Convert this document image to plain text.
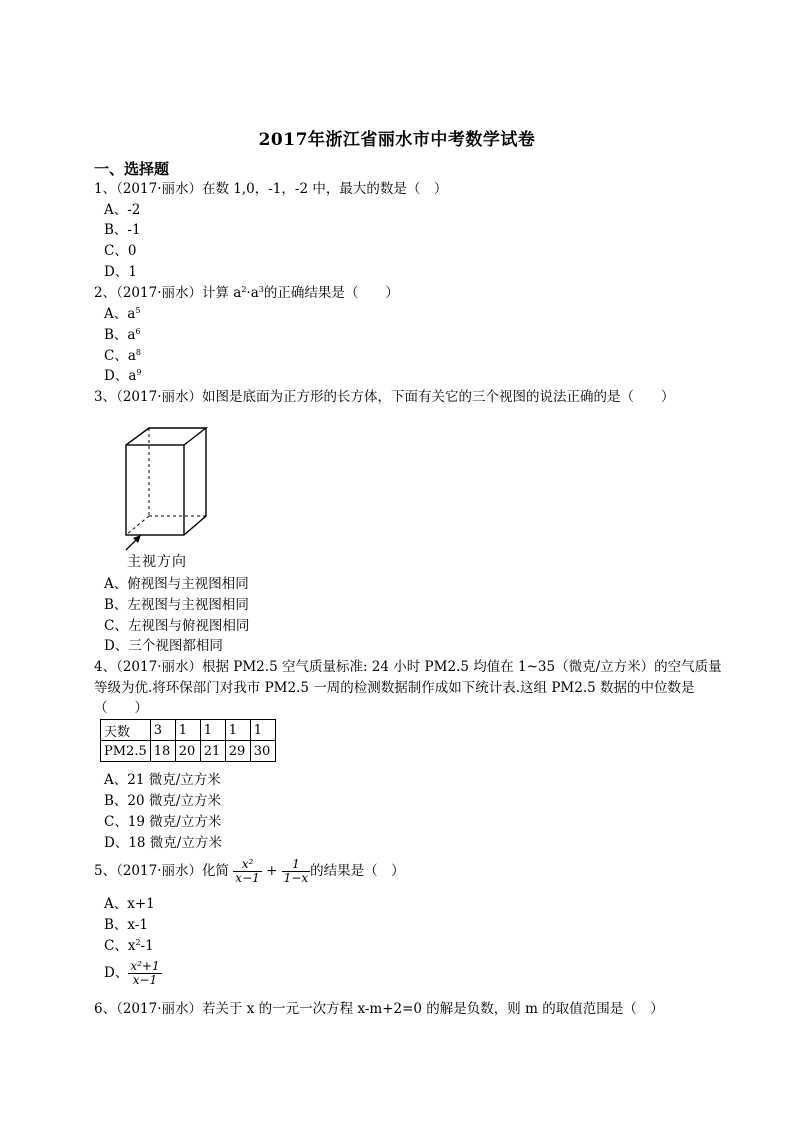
2017年浙江省丽水市中考数学试卷
一、选择题
1、（2017·丽水）在数 1,0，-1，-2 中，最大的数是（　）
A、-2
B、-1
C、0
D、1
2、（2017·丽水）计算 $a^2\cdot a^3$的正确结果是（　　）
A、$a^5$
B、$a^6$
C、$a^8$
D、$a^9$
3、（2017·丽水）如图是底面为正方形的长方体，下面有关它的三个视图的说法正确的是（　　）
主视方向
A、俯视图与主视图相同
B、左视图与主视图相同
C、左视图与俯视图相同
D、三个视图都相同
4、（2017·丽水）根据 PM2.5 空气质量标准: 24 小时 PM2.5 均值在 1~35（微克/立方米）的空气质量
等级为优.将环保部门对我市 PM2.5 一周的检测数据制作成如下统计表.这组 PM2.5 数据的中位数是
（　　）
天数	3	1	1	1	1
PM2.5	18	20	21	29	30
A、21 微克/立方米
B、20 微克/立方米
C、19 微克/立方米
D、18 微克/立方米
5、（2017·丽水）化简 $\frac{\text{x²}}{x-1} + \frac{1}{1-x}$ 的结果是（　）
A、x+1
B、x-1
C、$x^2-1$
D、 $\frac{\text{x²+1}}{x-1}$
6、（2017·丽水）若关于 x 的一元一次方程 x-m+2=0 的解是负数，则 m 的取值范围是（　）
